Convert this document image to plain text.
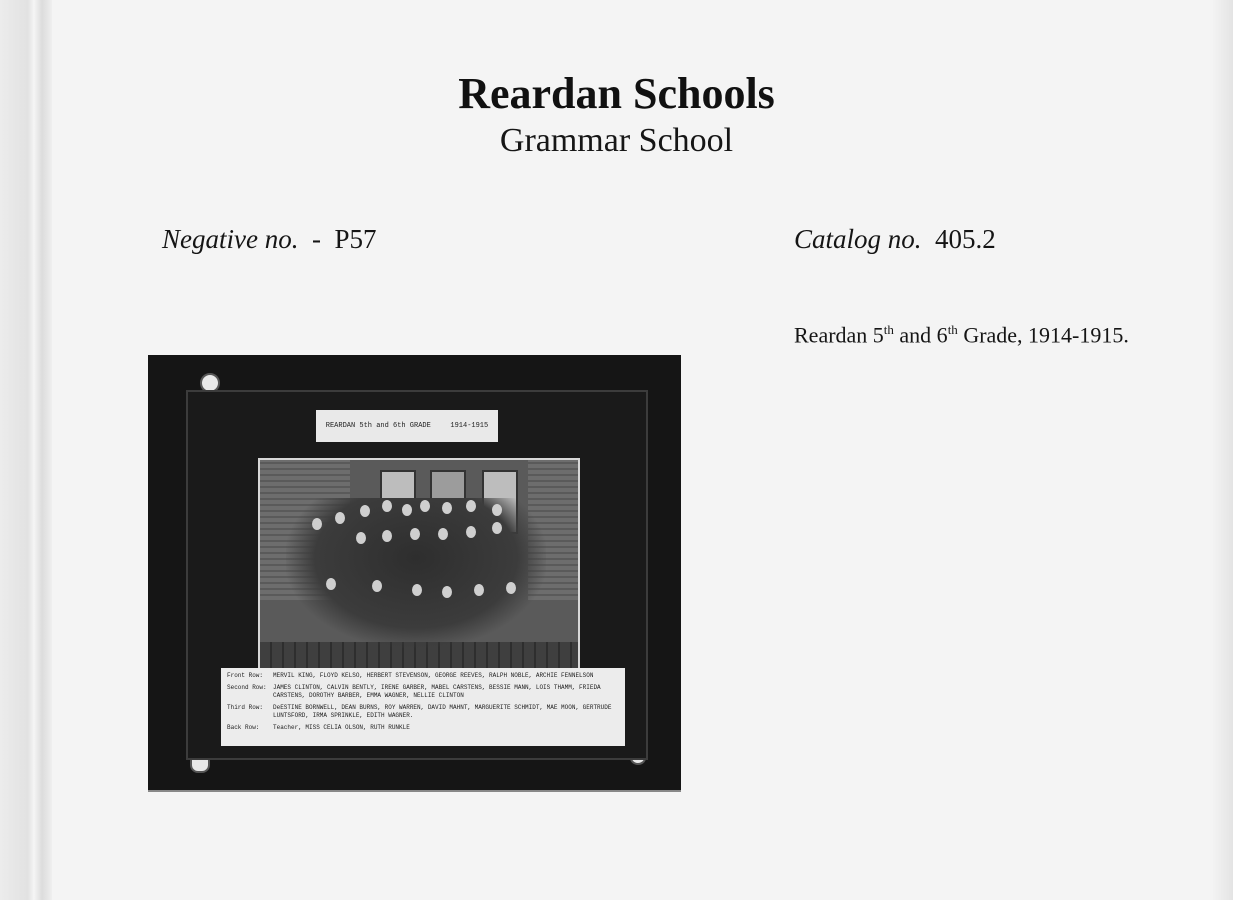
Reardan Schools
Grammar School
Negative no. - P57	Catalog no. 405.2
Reardan 5th and 6th Grade, 1914-1915.
REARDAN 5th and 6th GRADE	1914-1915
Front Row:	MERVIL KING, FLOYD KELSO, HERBERT STEVENSON, GEORGE REEVES, RALPH NOBLE, ARCHIE FENNELSON
Second Row:	JAMES CLINTON, CALVIN BENTLY, IRENE GARBER, MABEL CARSTENS, BESSIE MANN, LOIS THAMM, FRIEDA CARSTENS, DOROTHY BARBER, EMMA WAGNER, NELLIE CLINTON
Third Row:	DeESTINE BORNWELL, DEAN BURNS, ROY WARREN, DAVID MAHNT, MARGUERITE SCHMIDT, MAE MOON, GERTRUDE LUNTSFORD, IRMA SPRINKLE, EDITH WAGNER.
Back Row:	Teacher, MISS CELIA OLSON, RUTH RUNKLE
